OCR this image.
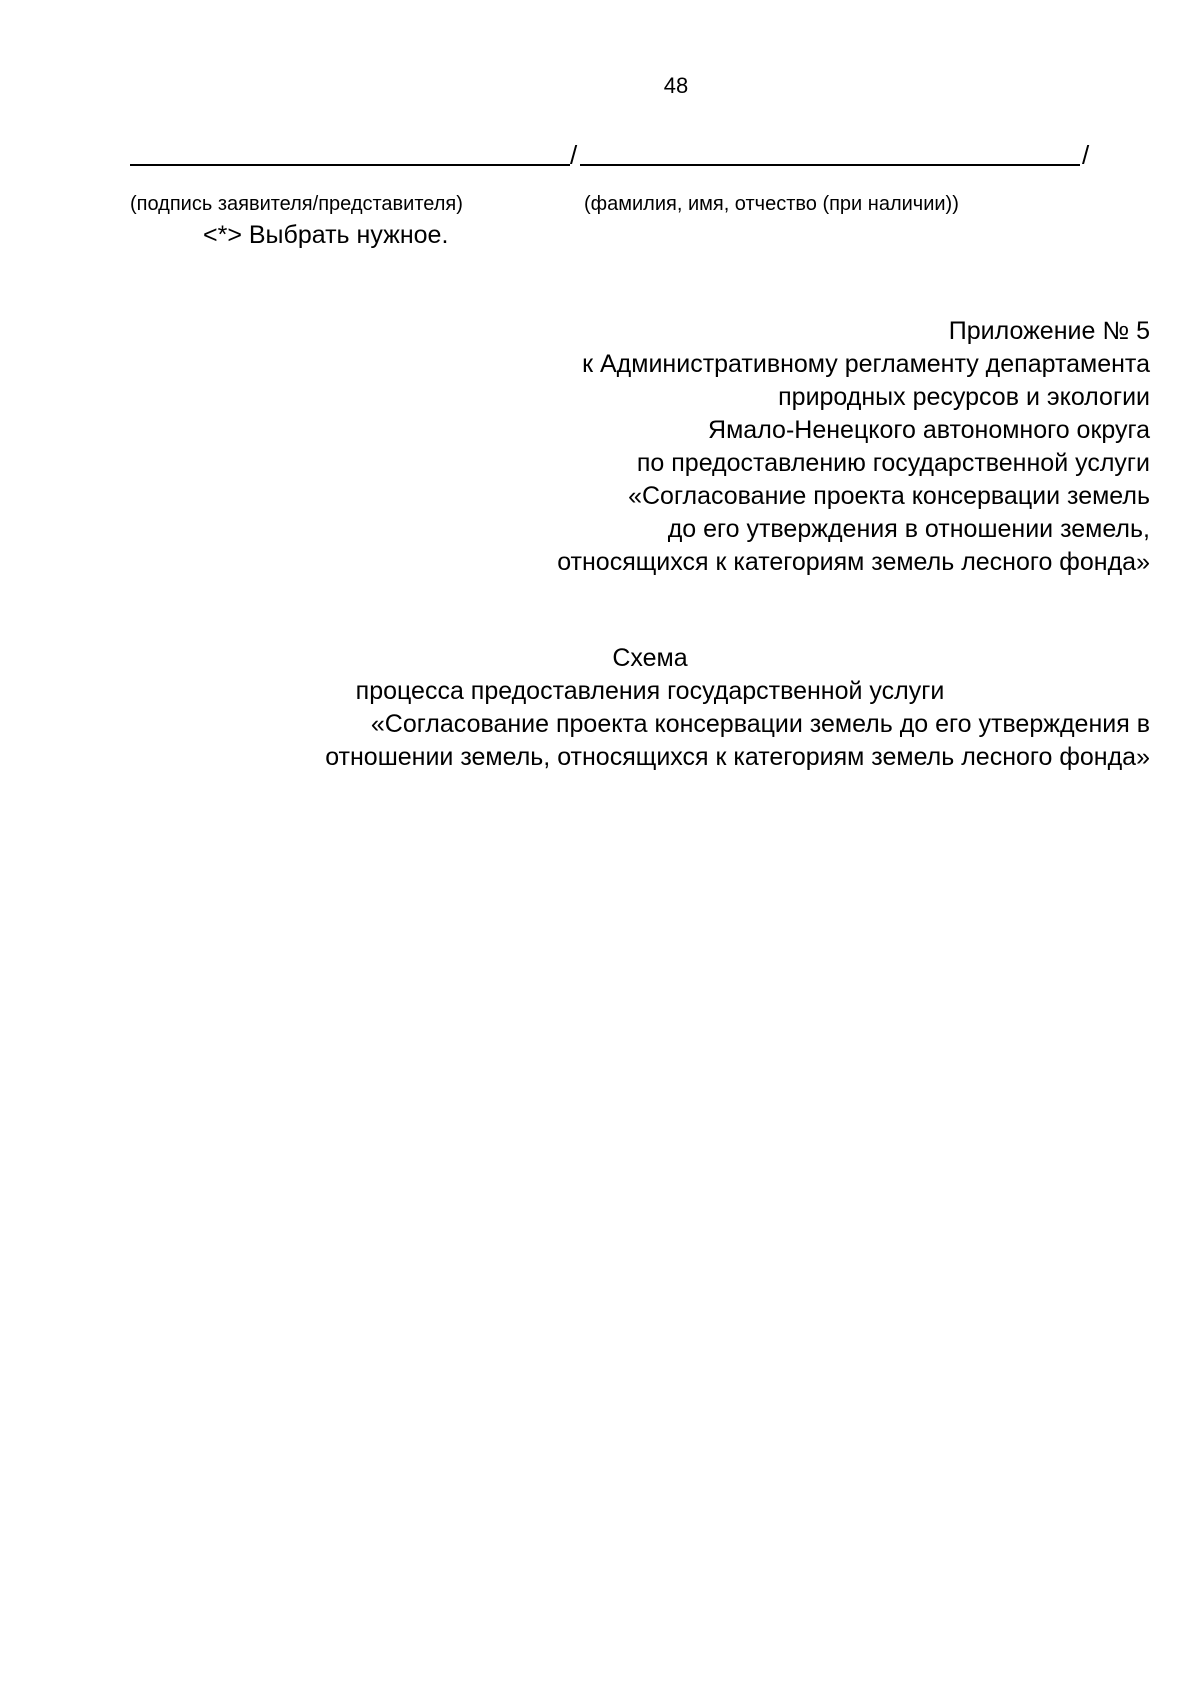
48
/	/
(подпись заявителя/представителя)	(фамилия, имя, отчество (при наличии))
<*> Выбрать нужное.
Приложение № 5
к Административному регламенту департамента
природных ресурсов и экологии
Ямало-Ненецкого автономного округа
по предоставлению государственной услуги
«Согласование проекта консервации земель
до его утверждения в отношении земель,
относящихся к категориям земель лесного фонда»
Схема
процесса предоставления государственной услуги
«Согласование проекта консервации земель до его утверждения в
отношении земель, относящихся к категориям земель лесного фонда»
